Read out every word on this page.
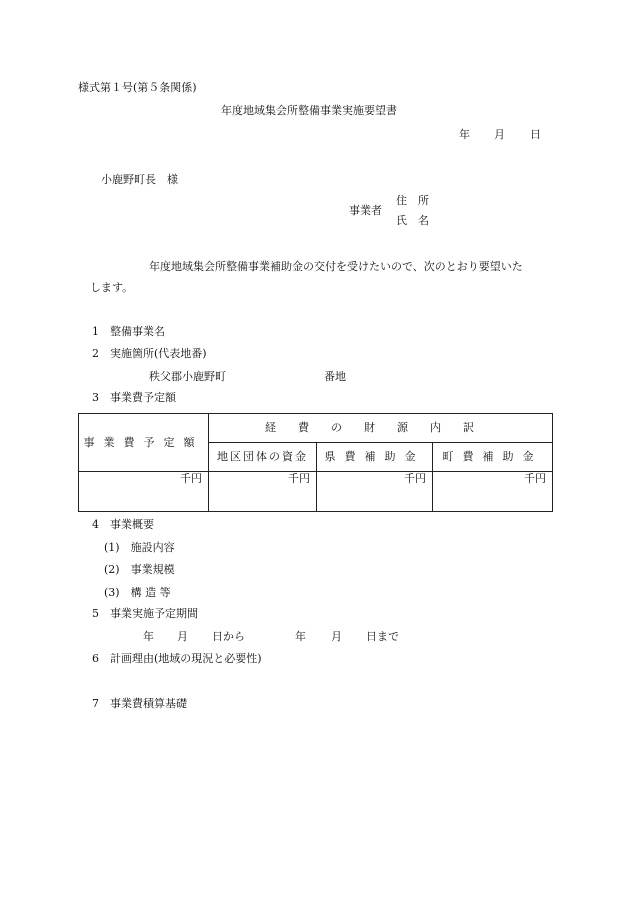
様式第１号(第５条関係)
年度地域集会所整備事業実施要望書
年 月 日
小鹿野町長　様
事業者
住　所
氏　名
年度地域集会所整備事業補助金の交付を受けたいので、次のとおり要望いた
します。
1　整備事業名
2　実施箇所(代表地番)
秩父郡小鹿野町	番地
3　事業費予定額
事業費予定額	経費の財源内訳		
	地区団体の資金	県費補助金	町費補助金
千円	千円	千円	千円
4　事業概要
(1)　施設内容
(2)　事業規模
(3)　構 造 等
5　事業実施予定期間
年 月 日から	年 月 日まで
6　計画理由(地域の現況と必要性)
7　事業費積算基礎
